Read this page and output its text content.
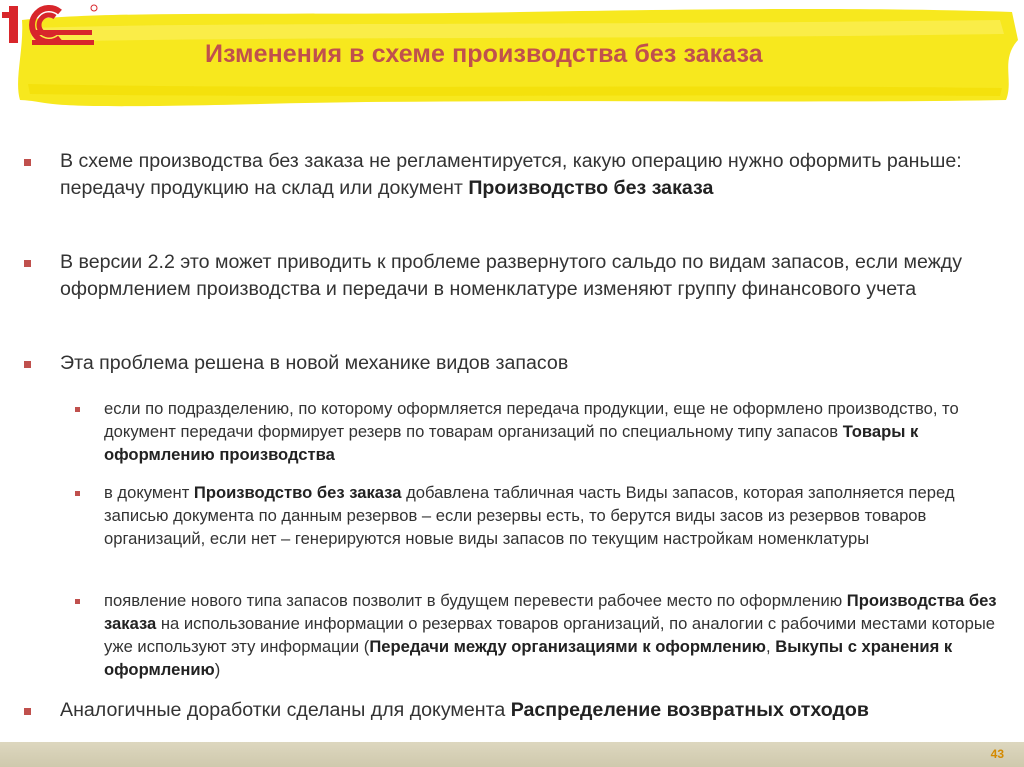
Изменения в схеме производства без заказа
В схеме производства без заказа не регламентируется, какую операцию нужно оформить раньше: передачу продукцию на склад или документ Производство без заказа
В версии 2.2 это может приводить к проблеме развернутого сальдо по видам запасов, если между оформлением производства и передачи в номенклатуре изменяют группу финансового учета
Эта проблема решена в новой механике видов запасов
если по подразделению, по которому оформляется передача продукции, еще не оформлено производство, то документ передачи формирует резерв по товарам организаций по специальному типу запасов Товары к оформлению производства
в документ Производство без заказа добавлена табличная часть Виды запасов, которая заполняется перед записью документа по данным резервов – если резервы есть, то берутся виды засов из резервов товаров организаций, если нет – генерируются новые виды запасов по текущим настройкам номенклатуры
появление нового типа запасов позволит в будущем перевести рабочее место по оформлению Производства без заказа на использование информации о резервах товаров организаций, по аналогии с рабочими местами которые уже используют эту информации (Передачи между организациями к оформлению, Выкупы с хранения к оформлению)
Аналогичные доработки сделаны для документа Распределение возвратных отходов
43
